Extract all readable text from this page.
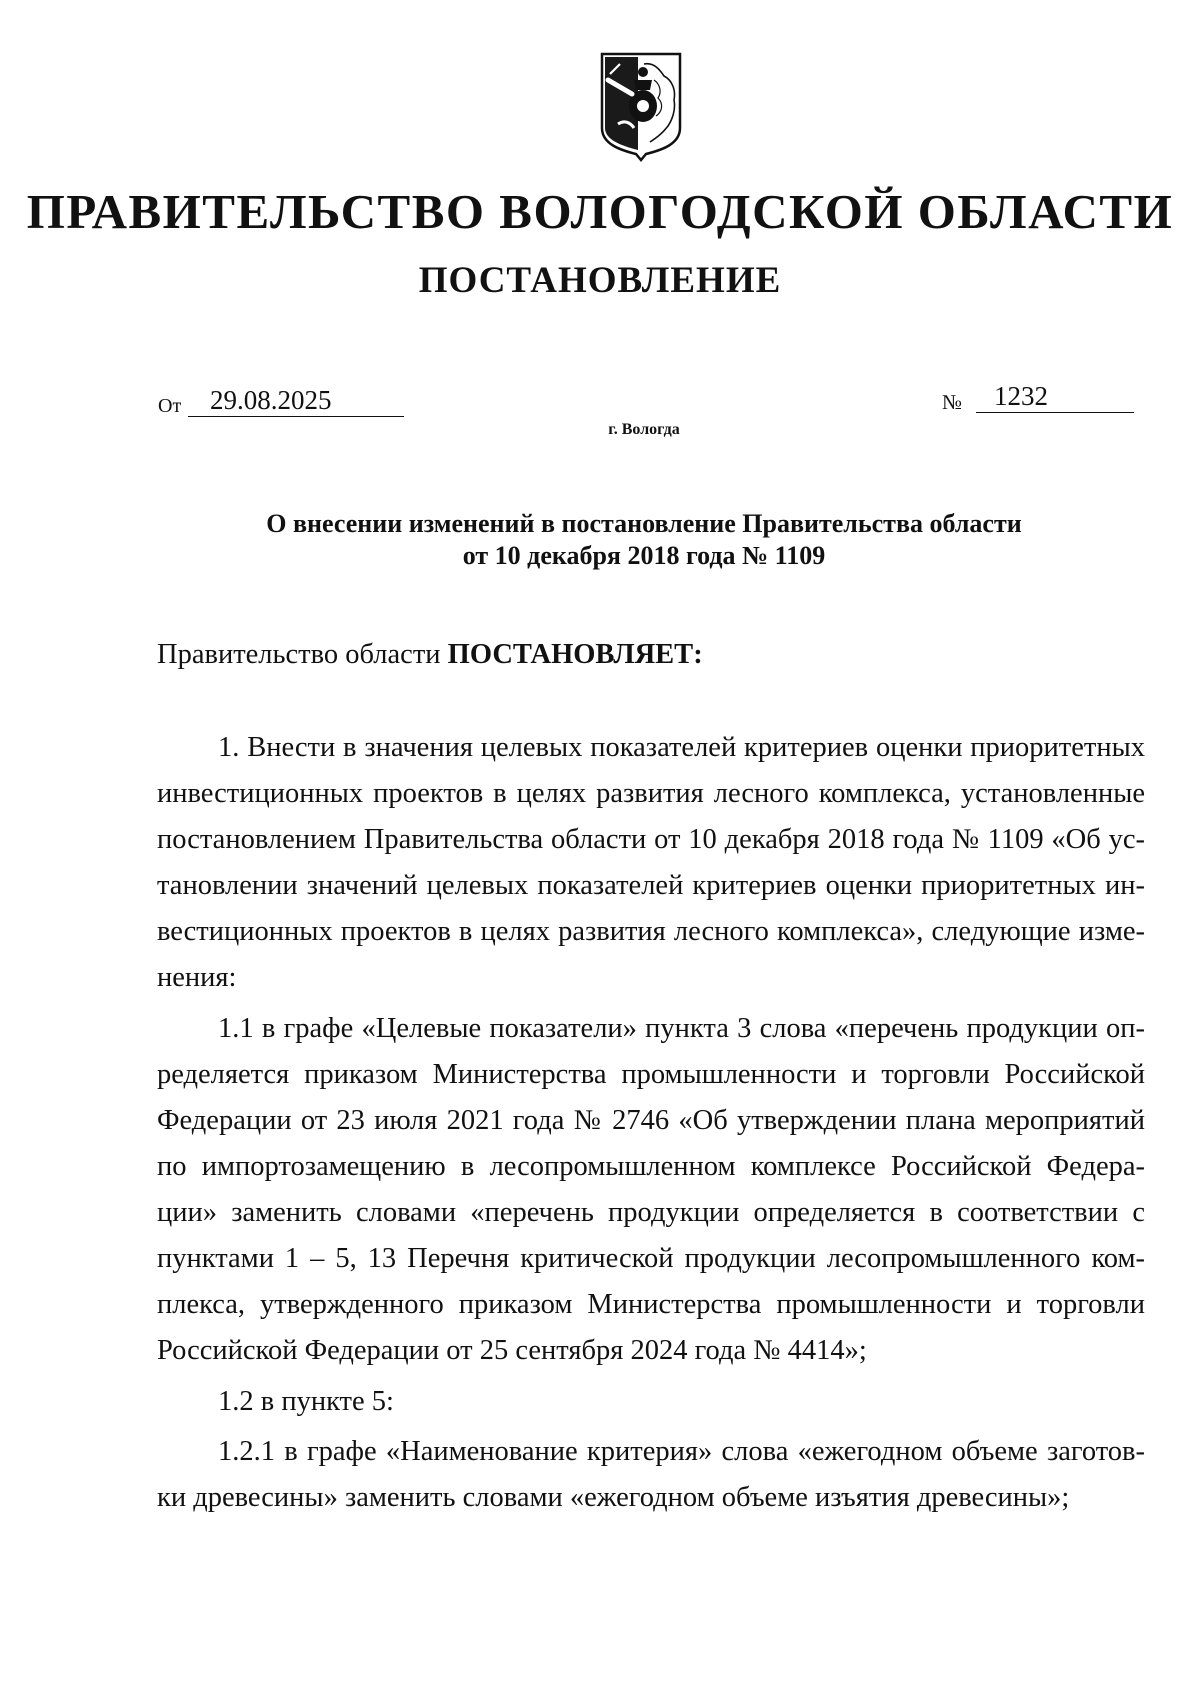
ПРАВИТЕЛЬСТВО ВОЛОГОДСКОЙ ОБЛАСТИ
ПОСТАНОВЛЕНИЕ
От	29.08.2025	№	1232
г. Вологда
О внесении изменений в постановление Правительства области
от 10 декабря 2018 года № 1109
Правительство области ПОСТАНОВЛЯЕТ:
1. Внести в значения целевых показателей критериев оценки приоритетных
инвестиционных проектов в целях развития лесного комплекса, установленные
постановлением Правительства области от 10 декабря 2018 года № 1109 «Об ус-
тановлении значений целевых показателей критериев оценки приоритетных ин-
вестиционных проектов в целях развития лесного комплекса», следующие изме-
нения:
1.1 в графе «Целевые показатели» пункта 3 слова «перечень продукции оп-
ределяется приказом Министерства промышленности и торговли Российской
Федерации от 23 июля 2021 года № 2746 «Об утверждении плана мероприятий
по импортозамещению в лесопромышленном комплексе Российской Федера-
ции» заменить словами «перечень продукции определяется в соответствии с
пунктами 1 – 5, 13 Перечня критической продукции лесопромышленного ком-
плекса, утвержденного приказом Министерства промышленности и торговли
Российской Федерации от 25 сентября 2024 года № 4414»;
1.2 в пункте 5:
1.2.1 в графе «Наименование критерия» слова «ежегодном объеме заготов-
ки древесины» заменить словами «ежегодном объеме изъятия древесины»;
